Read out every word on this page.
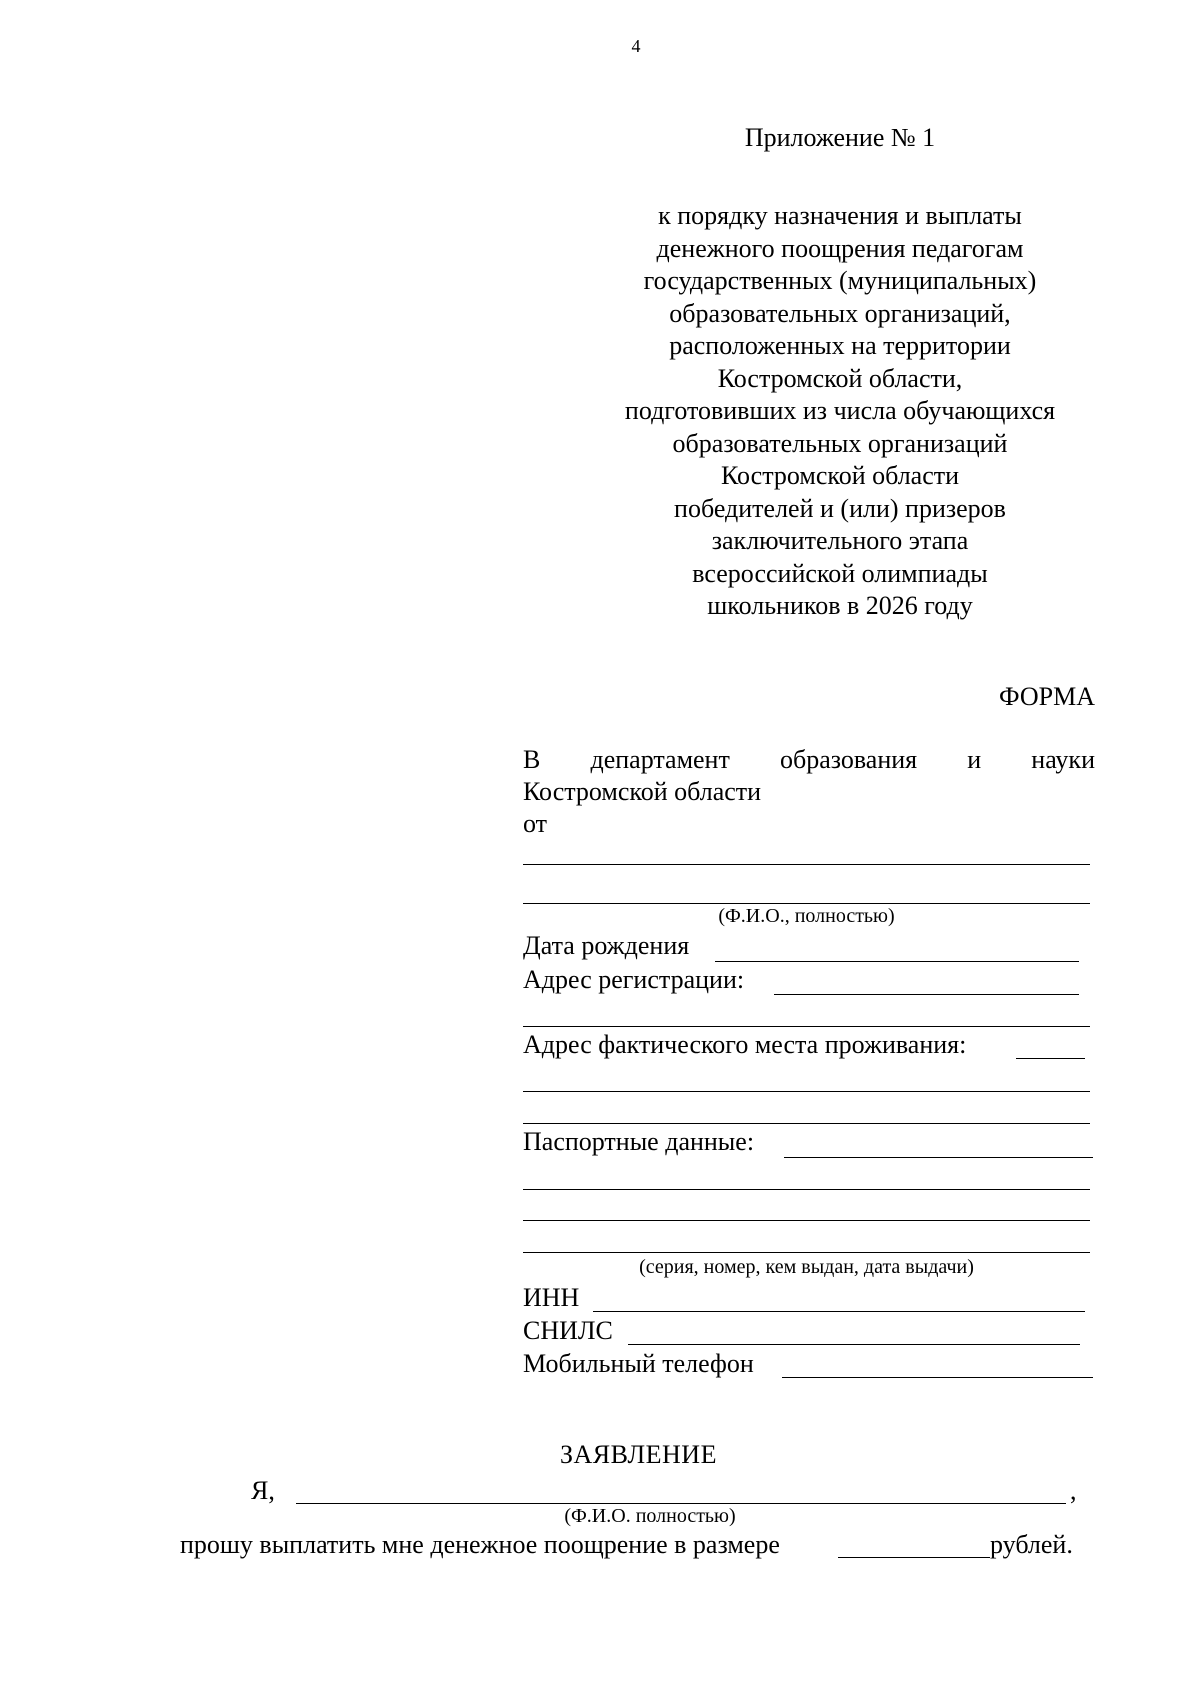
4
Приложение № 1
к порядку назначения и выплаты
денежного поощрения педагогам
государственных (муниципальных)
образовательных организаций,
расположенных на территории
Костромской области,
подготовивших из числа обучающихся
образовательных организаций
Костромской области
победителей и (или) призеров
заключительного этапа
всероссийской олимпиады
школьников в 2026 году
ФОРМА
В департамент образования и науки
Костромской области
от
(Ф.И.О., полностью)
Дата рождения
Адрес регистрации:
Адрес фактического места проживания:
Паспортные данные:
(серия, номер, кем выдан, дата выдачи)
ИНН
СНИЛС
Мобильный телефон
ЗАЯВЛЕНИЕ
Я,	,
(Ф.И.О. полностью)
прошу выплатить мне денежное поощрение в размере	рублей.
